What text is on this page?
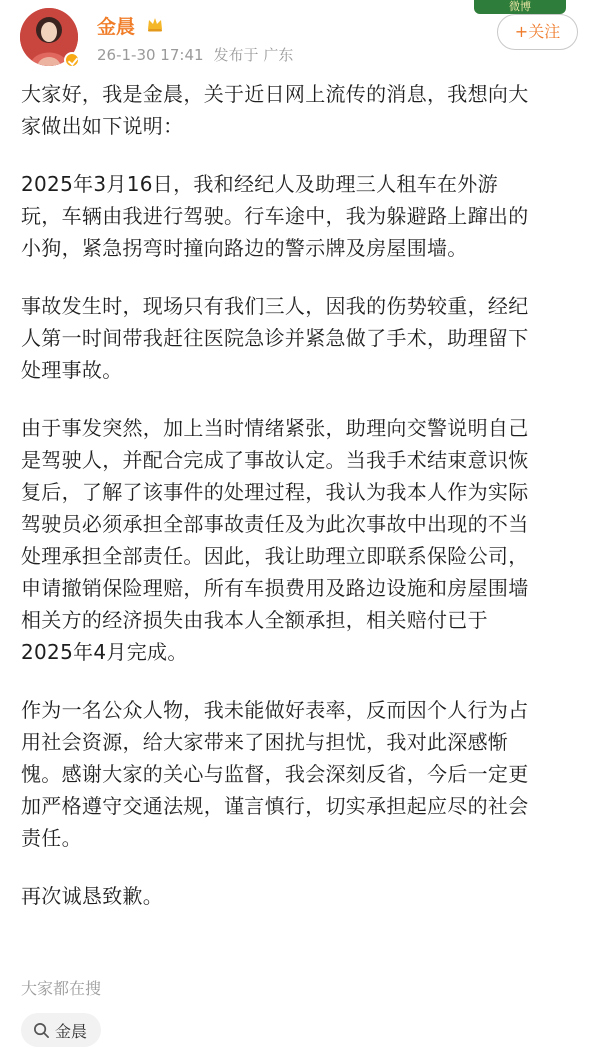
金晨
26-1-30 17:41 发布于 广东
微博
+关注

大家好，我是金晨，关于近日网上流传的消息，我想向大
家做出如下说明：

2025年3月16日，我和经纪人及助理三人租车在外游
玩，车辆由我进行驾驶。行车途中，我为躲避路上蹿出的
小狗，紧急拐弯时撞向路边的警示牌及房屋围墙。

事故发生时，现场只有我们三人，因我的伤势较重，经纪
人第一时间带我赶往医院急诊并紧急做了手术，助理留下
处理事故。

由于事发突然，加上当时情绪紧张，助理向交警说明自己
是驾驶人，并配合完成了事故认定。当我手术结束意识恢
复后，了解了该事件的处理过程，我认为我本人作为实际
驾驶员必须承担全部事故责任及为此次事故中出现的不当
处理承担全部责任。因此，我让助理立即联系保险公司，
申请撤销保险理赔，所有车损费用及路边设施和房屋围墙
相关方的经济损失由我本人全额承担，相关赔付已于
2025年4月完成。

作为一名公众人物，我未能做好表率，反而因个人行为占
用社会资源，给大家带来了困扰与担忧，我对此深感惭
愧。感谢大家的关心与监督，我会深刻反省，今后一定更
加严格遵守交通法规，谨言慎行，切实承担起应尽的社会
责任。

再次诚恳致歉。

大家都在搜
金晨
